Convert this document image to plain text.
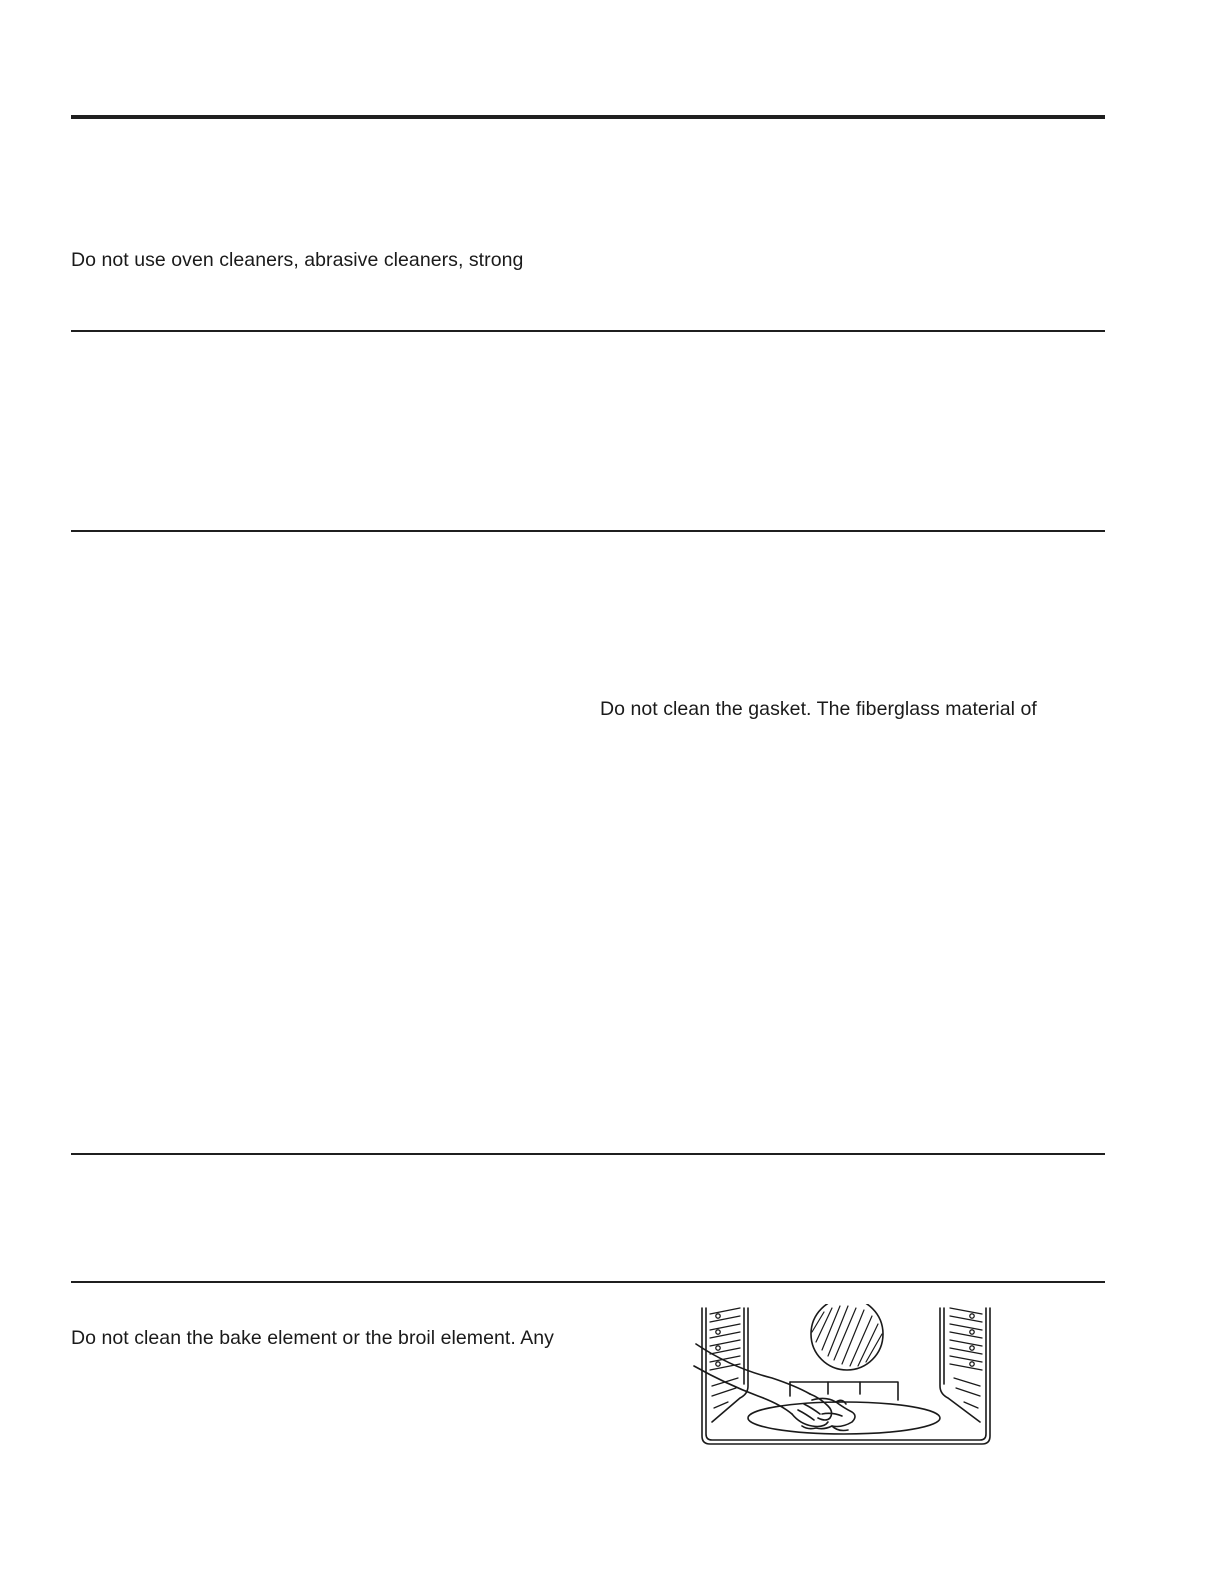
Do not use oven cleaners, abrasive cleaners, strong
Do not clean the gasket. The fiberglass material of
Do not clean the bake element or the broil element. Any
